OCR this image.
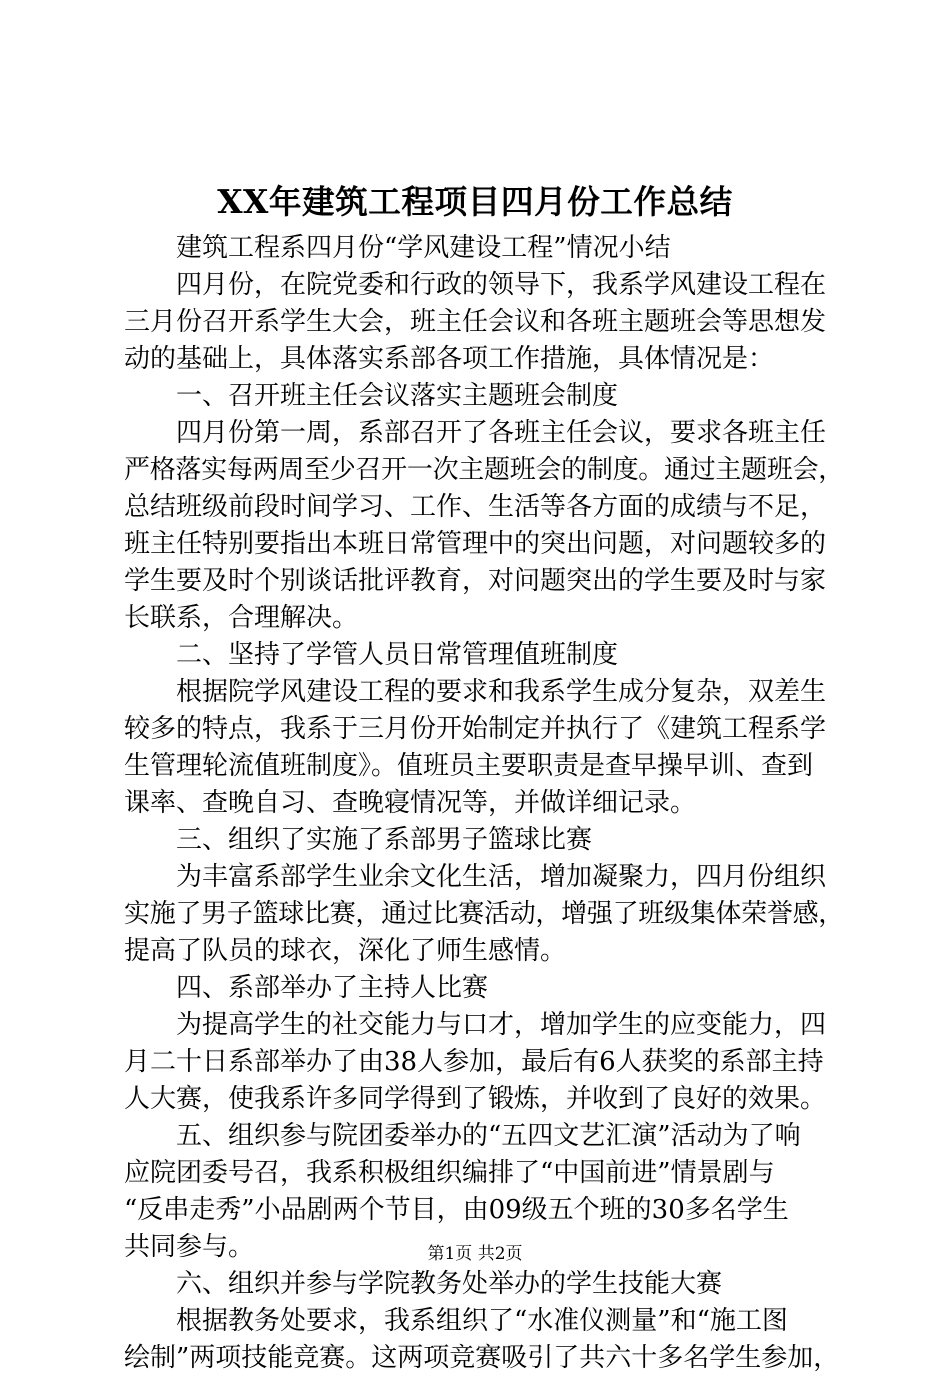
XX年建筑工程项目四月份工作总结
　　建筑工程系四月份“学风建设工程”情况小结
　　四月份，在院党委和行政的领导下，我系学风建设工程在
三月份召开系学生大会，班主任会议和各班主题班会等思想发
动的基础上，具体落实系部各项工作措施，具体情况是：
　　一、召开班主任会议落实主题班会制度
　　四月份第一周，系部召开了各班主任会议，要求各班主任
严格落实每两周至少召开一次主题班会的制度。通过主题班会，
总结班级前段时间学习、工作、生活等各方面的成绩与不足，
班主任特别要指出本班日常管理中的突出问题，对问题较多的
学生要及时个别谈话批评教育，对问题突出的学生要及时与家
长联系，合理解决。
　　二、坚持了学管人员日常管理值班制度
　　根据院学风建设工程的要求和我系学生成分复杂，双差生
较多的特点，我系于三月份开始制定并执行了《建筑工程系学
生管理轮流值班制度》。值班员主要职责是查早操早训、查到
课率、查晚自习、查晚寝情况等，并做详细记录。
　　三、组织了实施了系部男子篮球比赛
　　为丰富系部学生业余文化生活，增加凝聚力，四月份组织
实施了男子篮球比赛，通过比赛活动，增强了班级集体荣誉感，
提高了队员的球衣，深化了师生感情。
　　四、系部举办了主持人比赛
　　为提高学生的社交能力与口才，增加学生的应变能力，四
月二十日系部举办了由38人参加，最后有6人获奖的系部主持
人大赛，使我系许多同学得到了锻炼，并收到了良好的效果。
　　五、组织参与院团委举办的“五四文艺汇演”活动为了响
应院团委号召，我系积极组织编排了“中国前进”情景剧与
“反串走秀”小品剧两个节目，由09级五个班的30多名学生
共同参与。
　　六、组织并参与学院教务处举办的学生技能大赛
　　根据教务处要求，我系组织了“水准仪测量”和“施工图
绘制”两项技能竞赛。这两项竞赛吸引了共六十多名学生参加，
第1页 共2页
